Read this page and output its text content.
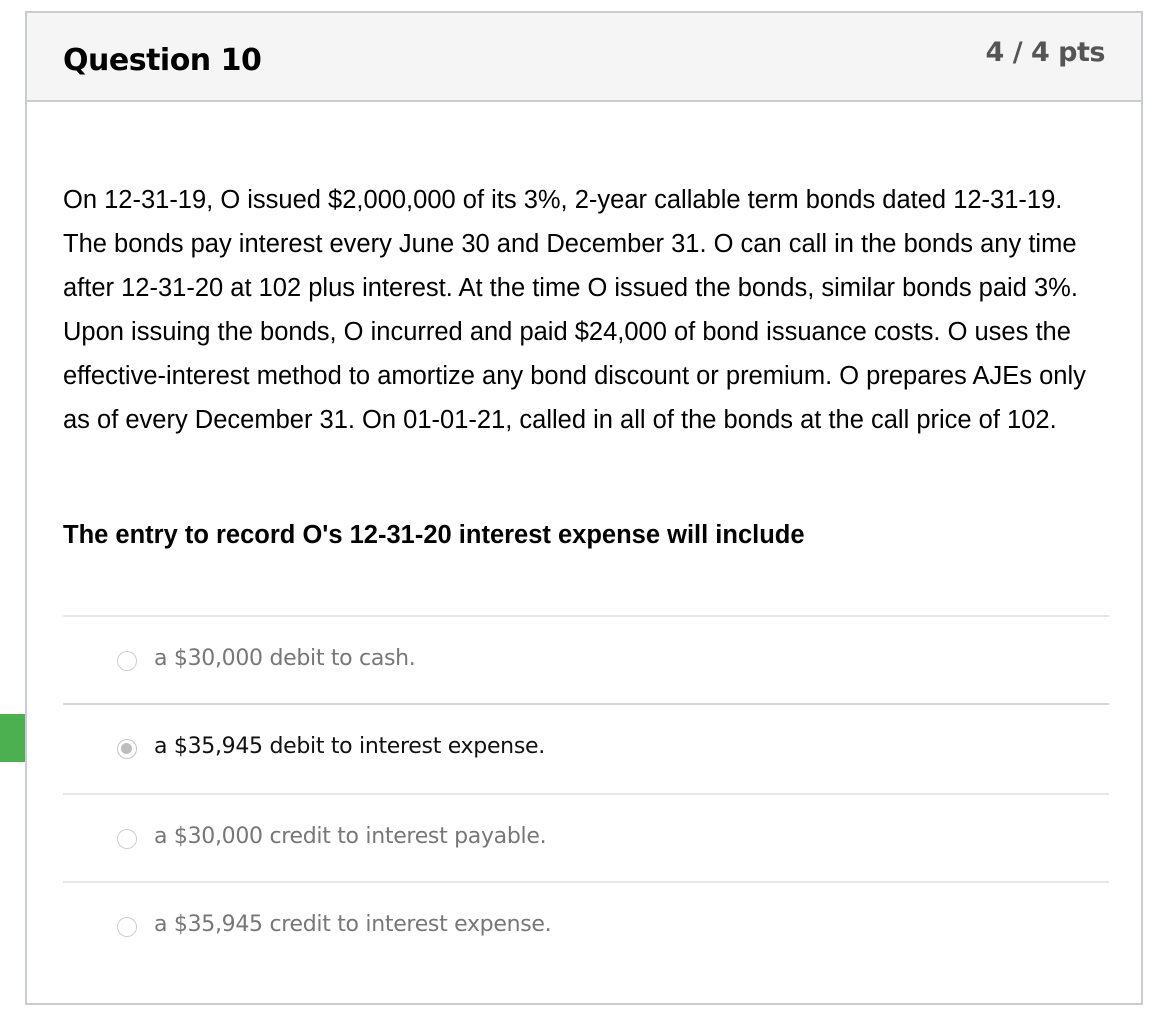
Question 10	4 / 4 pts

On 12-31-19, O issued $2,000,000 of its 3%, 2-year callable term bonds dated 12-31-19. The bonds pay interest every June 30 and December 31. O can call in the bonds any time after 12-31-20 at 102 plus interest. At the time O issued the bonds, similar bonds paid 3%. Upon issuing the bonds, O incurred and paid $24,000 of bond issuance costs. O uses the effective-interest method to amortize any bond discount or premium. O prepares AJEs only as of every December 31. On 01-01-21, called in all of the bonds at the call price of 102.

The entry to record O's 12-31-20 interest expense will include

a $30,000 debit to cash.
a $35,945 debit to interest expense.
a $30,000 credit to interest payable.
a $35,945 credit to interest expense.
